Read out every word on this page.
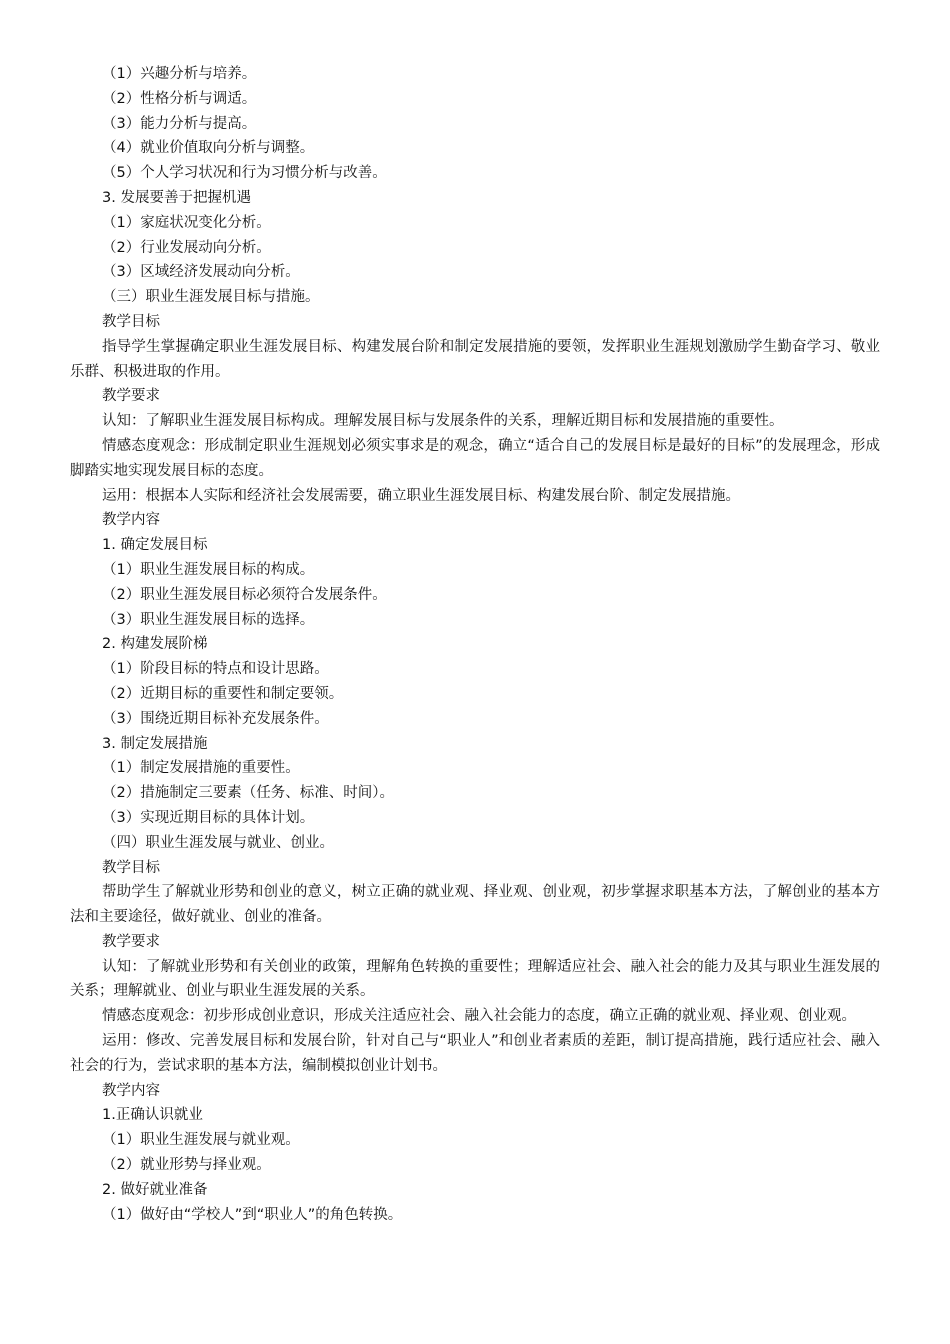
（1）兴趣分析与培养。
（2）性格分析与调适。
（3）能力分析与提高。
（4）就业价值取向分析与调整。
（5）个人学习状况和行为习惯分析与改善。
3. 发展要善于把握机遇
（1）家庭状况变化分析。
（2）行业发展动向分析。
（3）区域经济发展动向分析。
（三）职业生涯发展目标与措施。
教学目标

指导学生掌握确定职业生涯发展目标、构建发展台阶和制定发展措施的要领，发挥职业生涯规划激励学生勤奋学习、敬业乐群、积极进取的作用。

教学要求

认知：了解职业生涯发展目标构成。理解发展目标与发展条件的关系，理解近期目标和发展措施的重要性。

情感态度观念：形成制定职业生涯规划必须实事求是的观念，确立“适合自己的发展目标是最好的目标”的发展理念，形成脚踏实地实现发展目标的态度。

运用：根据本人实际和经济社会发展需要，确立职业生涯发展目标、构建发展台阶、制定发展措施。

教学内容
1. 确定发展目标
（1）职业生涯发展目标的构成。
（2）职业生涯发展目标必须符合发展条件。
（3）职业生涯发展目标的选择。
2. 构建发展阶梯
（1）阶段目标的特点和设计思路。
（2）近期目标的重要性和制定要领。
（3）围绕近期目标补充发展条件。
3. 制定发展措施
（1）制定发展措施的重要性。
（2）措施制定三要素（任务、标准、时间）。
（3）实现近期目标的具体计划。
（四）职业生涯发展与就业、创业。
教学目标

帮助学生了解就业形势和创业的意义，树立正确的就业观、择业观、创业观，初步掌握求职基本方法，了解创业的基本方法和主要途径，做好就业、创业的准备。

教学要求

认知：了解就业形势和有关创业的政策，理解角色转换的重要性；理解适应社会、融入社会的能力及其与职业生涯发展的关系；理解就业、创业与职业生涯发展的关系。

情感态度观念：初步形成创业意识，形成关注适应社会、融入社会能力的态度，确立正确的就业观、择业观、创业观。

运用：修改、完善发展目标和发展台阶，针对自己与“职业人”和创业者素质的差距，制订提高措施，践行适应社会、融入社会的行为，尝试求职的基本方法，编制模拟创业计划书。

教学内容
1.正确认识就业
（1）职业生涯发展与就业观。
（2）就业形势与择业观。
2. 做好就业准备
（1）做好由“学校人”到“职业人”的角色转换。
